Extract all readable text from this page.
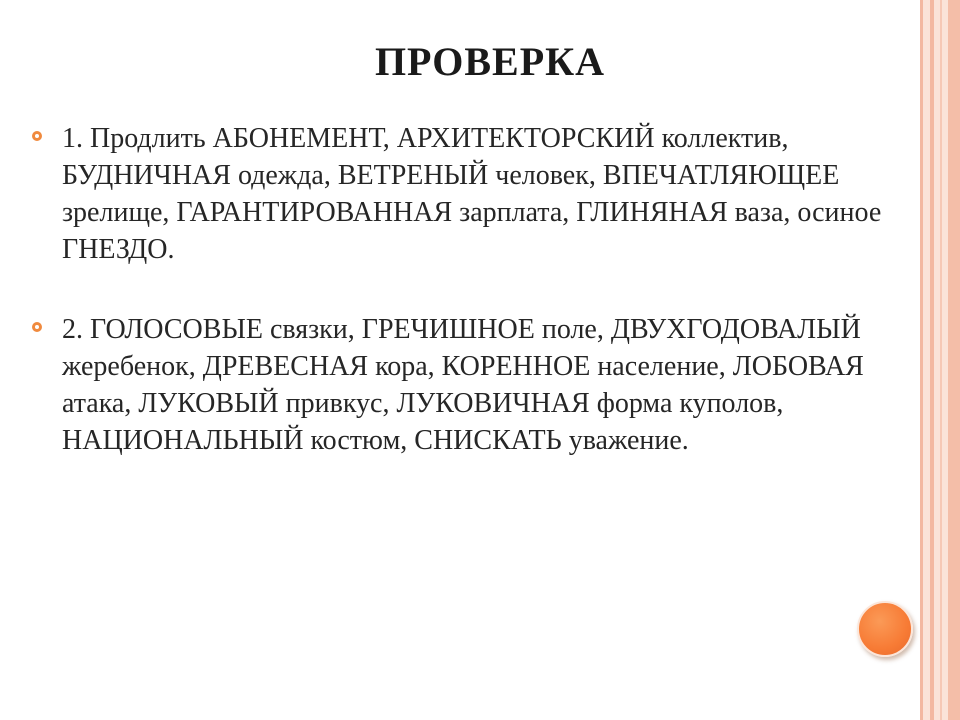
ПРОВЕРКА
1. Продлить АБОНЕМЕНТ, АРХИТЕКТОРСКИЙ коллектив, БУДНИЧНАЯ одежда, ВЕТРЕНЫЙ человек, ВПЕЧАТЛЯЮЩЕЕ зрелище, ГАРАНТИРОВАННАЯ зарплата, ГЛИНЯНАЯ ваза, осиное ГНЕЗДО.
2. ГОЛОСОВЫЕ связки, ГРЕЧИШНОЕ поле, ДВУХГОДОВАЛЫЙ жеребенок, ДРЕВЕСНАЯ кора, КОРЕННОЕ население, ЛОБОВАЯ атака, ЛУКОВЫЙ привкус, ЛУКОВИЧНАЯ форма куполов, НАЦИОНАЛЬНЫЙ костюм, СНИСКАТЬ уважение.
